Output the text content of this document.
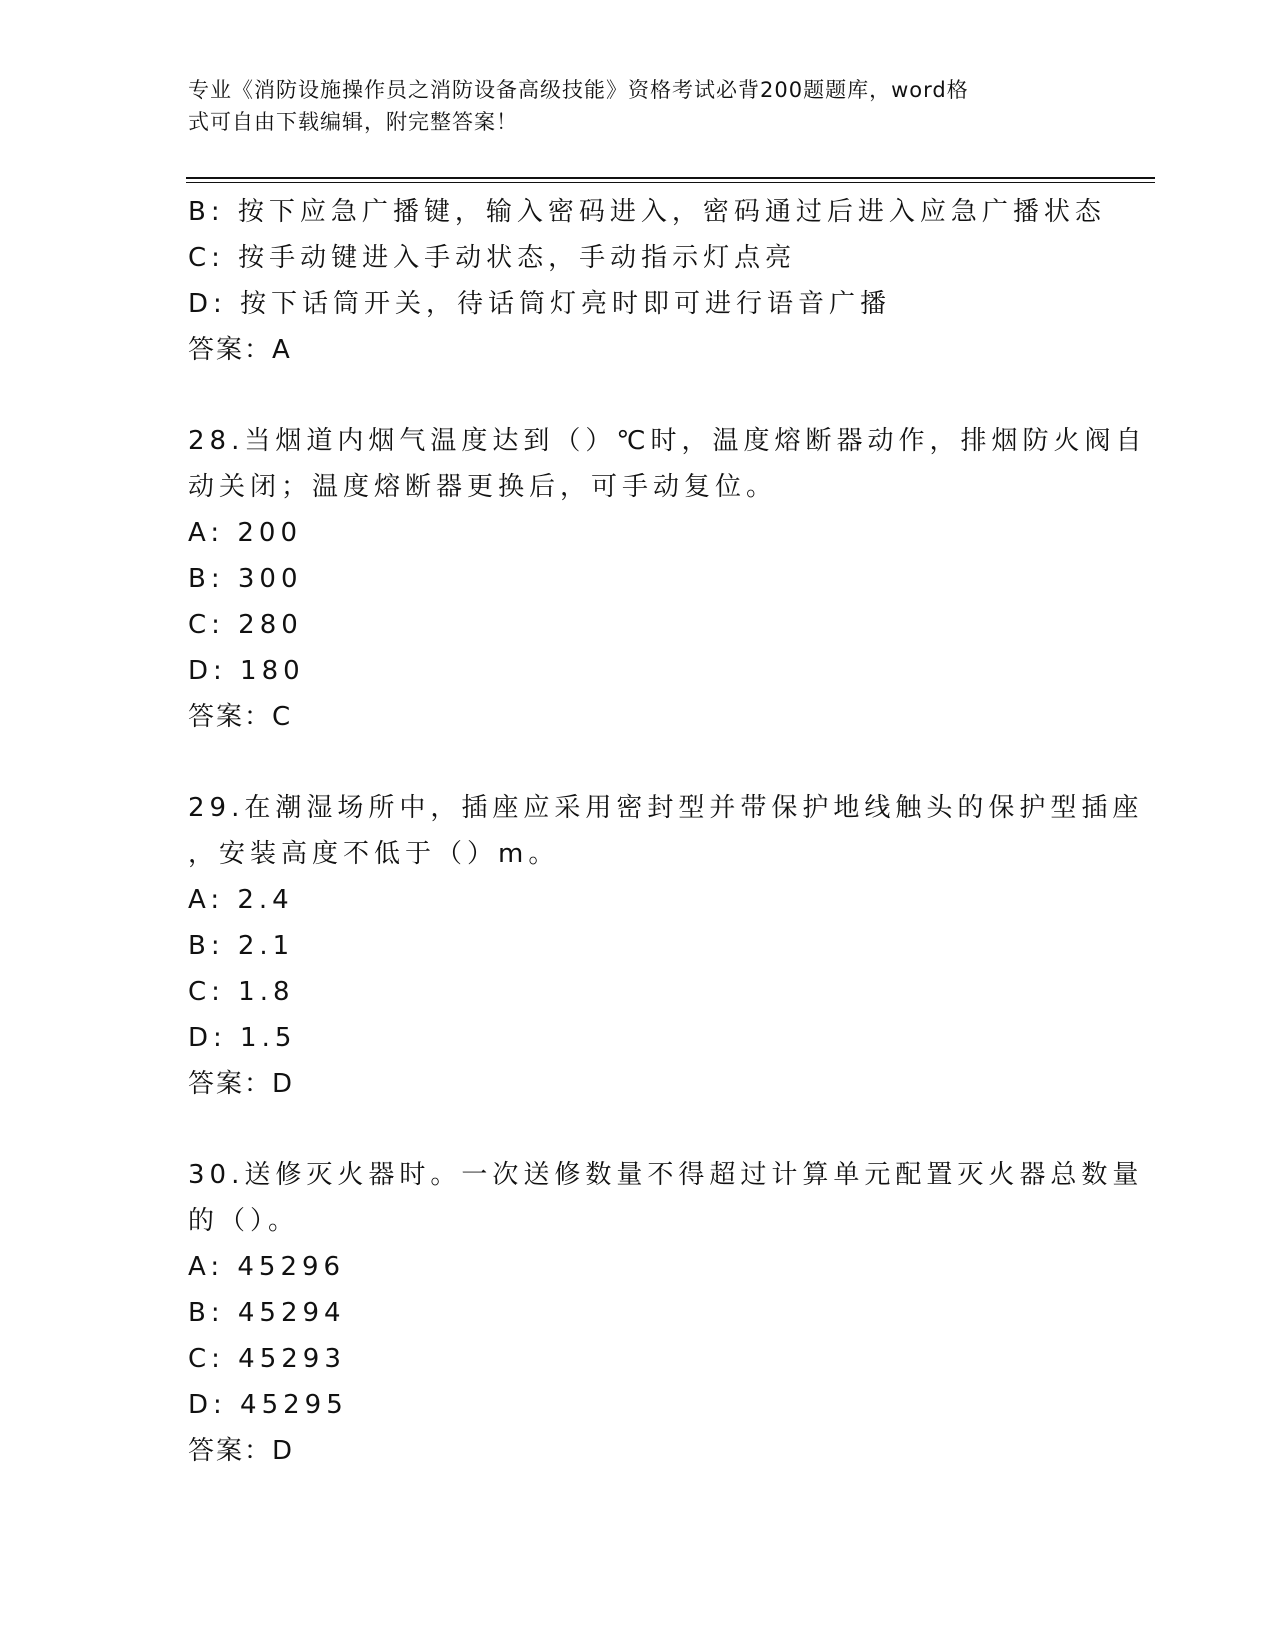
专业《消防设施操作员之消防设备高级技能》资格考试必背200题题库，word格
式可自由下载编辑，附完整答案！

B: 按下应急广播键，输入密码进入，密码通过后进入应急广播状态

C: 按手动键进入手动状态，手动指示灯点亮

D: 按下话筒开关，待话筒灯亮时即可进行语音广播

答案：A

28.当烟道内烟气温度达到（）℃时，温度熔断器动作，排烟防火阀自

动关闭；温度熔断器更换后，可手动复位。

A: 200

B: 300

C: 280

D: 180

答案：C

29.在潮湿场所中，插座应采用密封型并带保护地线触头的保护型插座

，安装高度不低于（）m。

A: 2.4

B: 2.1

C: 1.8

D: 1.5

答案：D

30.送修灭火器时。一次送修数量不得超过计算单元配置灭火器总数量

的（）。

A: 45296

B: 45294

C: 45293

D: 45295

答案：D
